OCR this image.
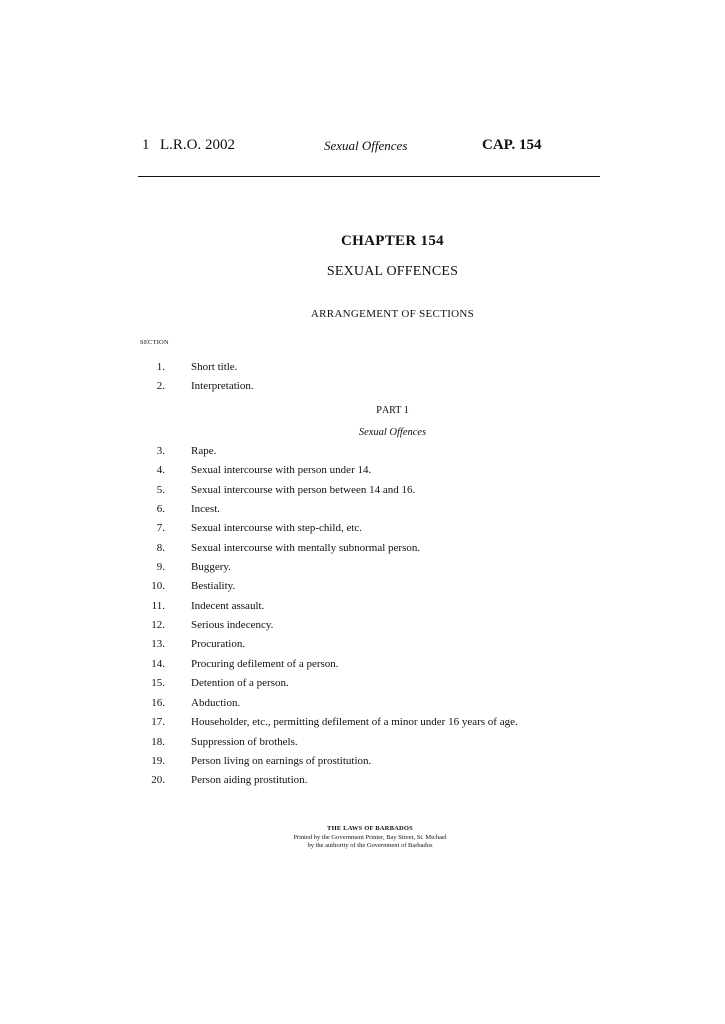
1 L.R.O. 2002	Sexual Offences	CAP. 154
CHAPTER 154
SEXUAL OFFENCES
ARRANGEMENT OF SECTIONS
SECTION
1. Short title.
2. Interpretation.
PART 1
Sexual Offences
3. Rape.
4. Sexual intercourse with person under 14.
5. Sexual intercourse with person between 14 and 16.
6. Incest.
7. Sexual intercourse with step-child, etc.
8. Sexual intercourse with mentally subnormal person.
9. Buggery.
10. Bestiality.
11. Indecent assault.
12. Serious indecency.
13. Procuration.
14. Procuring defilement of a person.
15. Detention of a person.
16. Abduction.
17. Householder, etc., permitting defilement of a minor under 16 years of age.
18. Suppression of brothels.
19. Person living on earnings of prostitution.
20. Person aiding prostitution.
THE LAWS OF BARBADOS
Printed by the Government Printer, Bay Street, St. Michael
by the authority of the Government of Barbados
